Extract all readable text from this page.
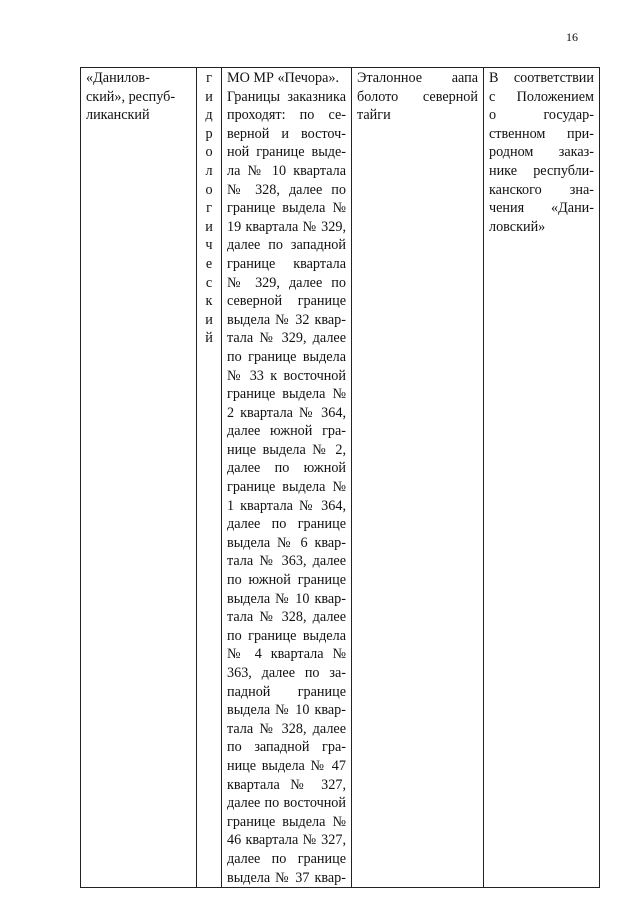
16
«Данилов-
ский», респуб-
ликанский

г
и
д
р
о
л
о
г
и
ч
е
с
к
и
й

МО МР «Печора».
Границы заказника
проходят: по се-
верной и восточ-
ной границе выде-
ла № 10 квартала
№ 328, далее по
границе выдела №
19 квартала № 329,
далее по западной
границе квартала
№ 329, далее по
северной границе
выдела № 32 квар-
тала № 329, далее
по границе выдела
№ 33 к восточной
границе выдела №
2 квартала № 364,
далее южной гра-
нице выдела № 2,
далее по южной
границе выдела №
1 квартала № 364,
далее по границе
выдела № 6 квар-
тала № 363, далее
по южной границе
выдела № 10 квар-
тала № 328, далее
по границе выдела
№ 4 квартала №
363, далее по за-
падной границе
выдела № 10 квар-
тала № 328, далее
по западной гра-
нице выдела № 47
квартала № 327,
далее по восточной
границе выдела №
46 квартала № 327,
далее по границе
выдела № 37 квар-

Эталонное аапа
болото северной
тайги

В соответствии
с Положением
о государ-
ственном при-
родном заказ-
нике республи-
канского зна-
чения «Дани-
ловский»
